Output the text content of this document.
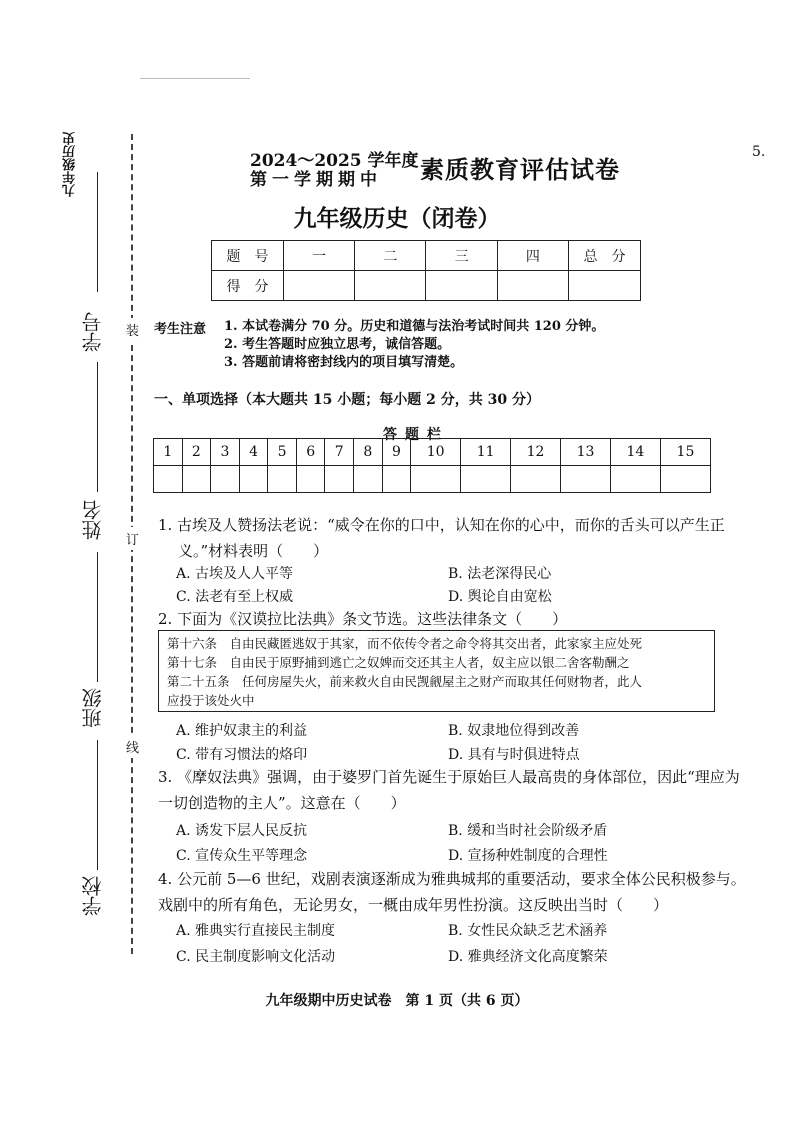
九年级历史
学号
姓名
班级
学校
装
订
线
5.
2024～2025 学年度
第一学期期中 素质教育评估试卷
九年级历史（闭卷）
题　号	一	二	三	四	总　分
得　分					
考生注意 1. 本试卷满分 70 分。历史和道德与法治考试时间共 120 分钟。
2. 考生答题时应独立思考，诚信答题。
3. 答题前请将密封线内的项目填写清楚。
一、单项选择（本大题共 15 小题；每小题 2 分，共 30 分）
答题栏
1	2	3	4	5	6	7	8	9	10	11	12	13	14	15

1. 古埃及人赞扬法老说：“威令在你的口中，认知在你的心中，而你的舌头可以产生正
义。”材料表明（　　）
A. 古埃及人人平等	B. 法老深得民心
C. 法老有至上权威	D. 舆论自由宽松
2. 下面为《汉谟拉比法典》条文节选。这些法律条文（　　）
第十六条　自由民藏匿逃奴于其家，而不依传令者之命令将其交出者，此家家主应处死
第十七条　自由民于原野捕到逃亡之奴婢而交还其主人者，奴主应以银二舍客勒酬之
第二十五条　任何房屋失火，前来救火自由民觊觎屋主之财产而取其任何财物者，此人
应投于该处火中
A. 维护奴隶主的利益	B. 奴隶地位得到改善
C. 带有习惯法的烙印	D. 具有与时俱进特点
3. 《摩奴法典》强调，由于婆罗门首先诞生于原始巨人最高贵的身体部位，因此“理应为
一切创造物的主人”。这意在（　　）
A. 诱发下层人民反抗	B. 缓和当时社会阶级矛盾
C. 宣传众生平等理念	D. 宣扬种姓制度的合理性
4. 公元前 5—6 世纪，戏剧表演逐渐成为雅典城邦的重要活动，要求全体公民积极参与。
戏剧中的所有角色，无论男女，一概由成年男性扮演。这反映出当时（　　）
A. 雅典实行直接民主制度	B. 女性民众缺乏艺术涵养
C. 民主制度影响文化活动	D. 雅典经济文化高度繁荣
九年级期中历史试卷　第 1 页（共 6 页）
